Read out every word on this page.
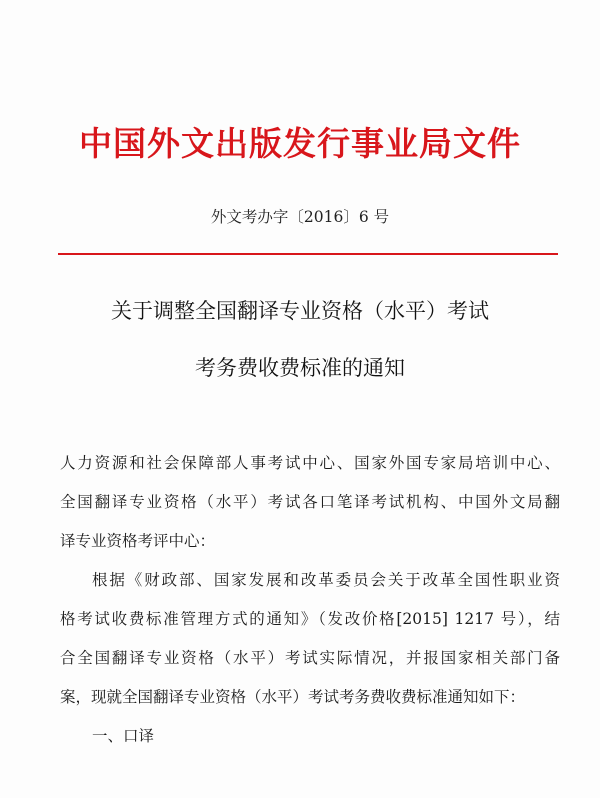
中国外文出版发行事业局文件
外文考办字〔2016〕6 号
关于调整全国翻译专业资格（水平）考试
考务费收费标准的通知
人力资源和社会保障部人事考试中心、国家外国专家局培训中心、
全国翻译专业资格（水平）考试各口笔译考试机构、中国外文局翻
译专业资格考评中心：
根据《财政部、国家发展和改革委员会关于改革全国性职业资
格考试收费标准管理方式的通知》（发改价格[2015] 1217 号），结
合全国翻译专业资格（水平）考试实际情况，并报国家相关部门备
案，现就全国翻译专业资格（水平）考试考务费收费标准通知如下：
一、口译
